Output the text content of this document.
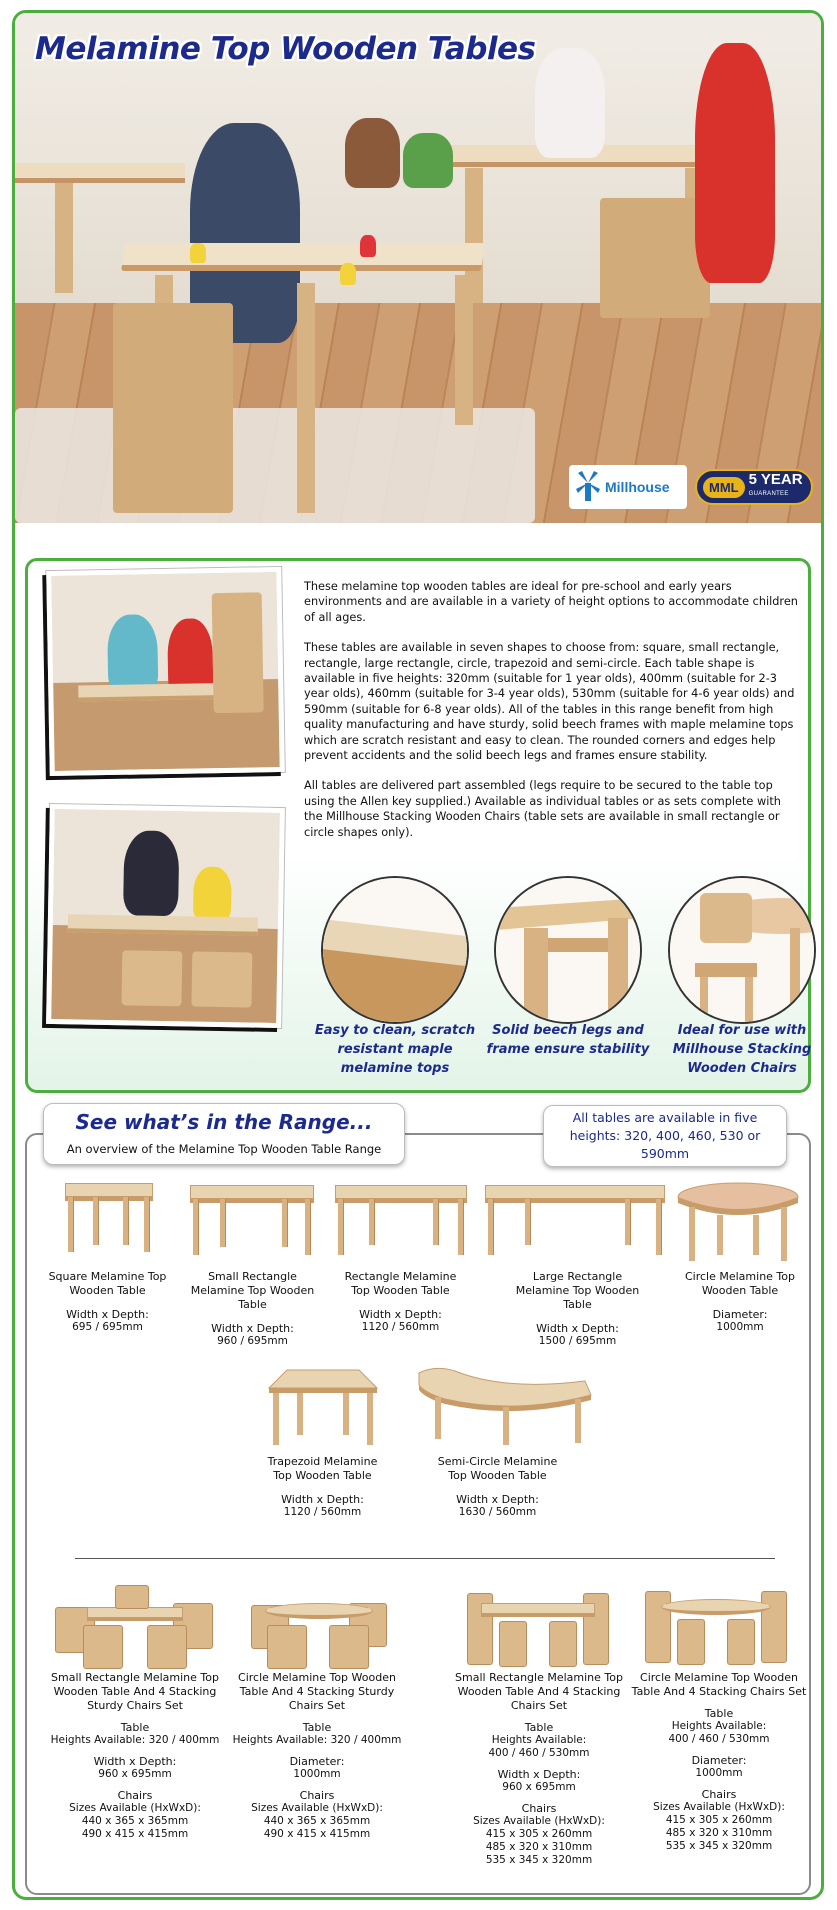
Melamine Top Wooden Tables
Millhouse	MML 5 YEAR
GUARANTEE

These melamine top wooden tables are ideal for pre-school and early years environments and are available in a variety of height options to accommodate children of all ages.

These tables are available in seven shapes to choose from: square, small rectangle, rectangle, large rectangle, circle, trapezoid and semi-circle. Each table shape is available in five heights: 320mm (suitable for 1 year olds), 400mm (suitable for 2-3 year olds), 460mm (suitable for 3-4 year olds), 530mm (suitable for 4-6 year olds) and 590mm (suitable for 6-8 year olds). All of the tables in this range benefit from high quality manufacturing and have sturdy, solid beech frames with maple melamine tops which are scratch resistant and easy to clean. The rounded corners and edges help prevent accidents and the solid beech legs and frames ensure stability.

All tables are delivered part assembled (legs require to be secured to the table top using the Allen key supplied.) Available as individual tables or as sets complete with the Millhouse Stacking Wooden Chairs (table sets are available in small rectangle or circle shapes only).

Easy to clean, scratch resistant maple melamine tops
Solid beech legs and frame ensure stability
Ideal for use with Millhouse Stacking Wooden Chairs
See what’s in the Range...
An overview of the Melamine Top Wooden Table Range
All tables are available in five heights: 320, 400, 460, 530 or 590mm
Square Melamine Top Wooden Table
Width x Depth:
695 / 695mm
Small Rectangle Melamine Top Wooden Table
Width x Depth:
960 / 695mm
Rectangle Melamine Top Wooden Table
Width x Depth:
1120 / 560mm
Large Rectangle Melamine Top Wooden Table
Width x Depth:
1500 / 695mm
Circle Melamine Top Wooden Table
Diameter:
1000mm
Trapezoid Melamine Top Wooden Table
Width x Depth:
1120 / 560mm
Semi-Circle Melamine Top Wooden Table
Width x Depth:
1630 / 560mm
Small Rectangle Melamine Top Wooden Table And 4 Stacking Sturdy Chairs Set
Table
Heights Available: 320 / 400mm
Width x Depth:
960 x 695mm
Chairs
Sizes Available (HxWxD):
440 x 365 x 365mm
490 x 415 x 415mm
Circle Melamine Top Wooden Table And 4 Stacking Sturdy Chairs Set
Table
Heights Available: 320 / 400mm
Diameter:
1000mm
Chairs
Sizes Available (HxWxD):
440 x 365 x 365mm
490 x 415 x 415mm
Small Rectangle Melamine Top Wooden Table And 4 Stacking Chairs Set
Table
Heights Available:
400 / 460 / 530mm
Width x Depth:
960 x 695mm
Chairs
Sizes Available (HxWxD):
415 x 305 x 260mm
485 x 320 x 310mm
535 x 345 x 320mm
Circle Melamine Top Wooden Table And 4 Stacking Chairs Set
Table
Heights Available:
400 / 460 / 530mm
Diameter:
1000mm
Chairs
Sizes Available (HxWxD):
415 x 305 x 260mm
485 x 320 x 310mm
535 x 345 x 320mm
